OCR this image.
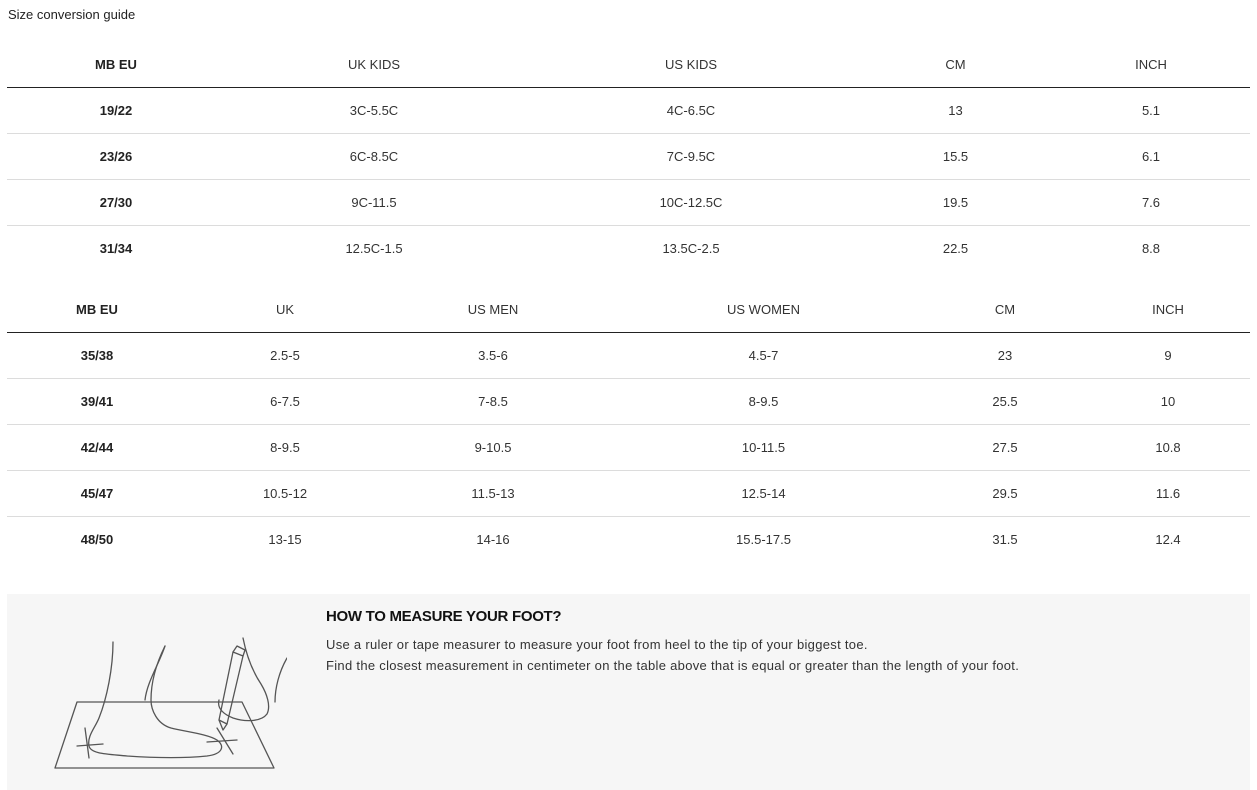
Size conversion guide
MB EU	UK KIDS	US KIDS	CM	INCH
19/22	3C-5.5C	4C-6.5C	13	5.1
23/26	6C-8.5C	7C-9.5C	15.5	6.1
27/30	9C-11.5	10C-12.5C	19.5	7.6
31/34	12.5C-1.5	13.5C-2.5	22.5	8.8
MB EU	UK	US MEN	US WOMEN	CM	INCH
35/38	2.5-5	3.5-6	4.5-7	23	9
39/41	6-7.5	7-8.5	8-9.5	25.5	10
42/44	8-9.5	9-10.5	10-11.5	27.5	10.8
45/47	10.5-12	11.5-13	12.5-14	29.5	11.6
48/50	13-15	14-16	15.5-17.5	31.5	12.4
HOW TO MEASURE YOUR FOOT?
Use a ruler or tape measurer to measure your foot from heel to the tip of your biggest toe.
Find the closest measurement in centimeter on the table above that is equal or greater than the length of your foot.
